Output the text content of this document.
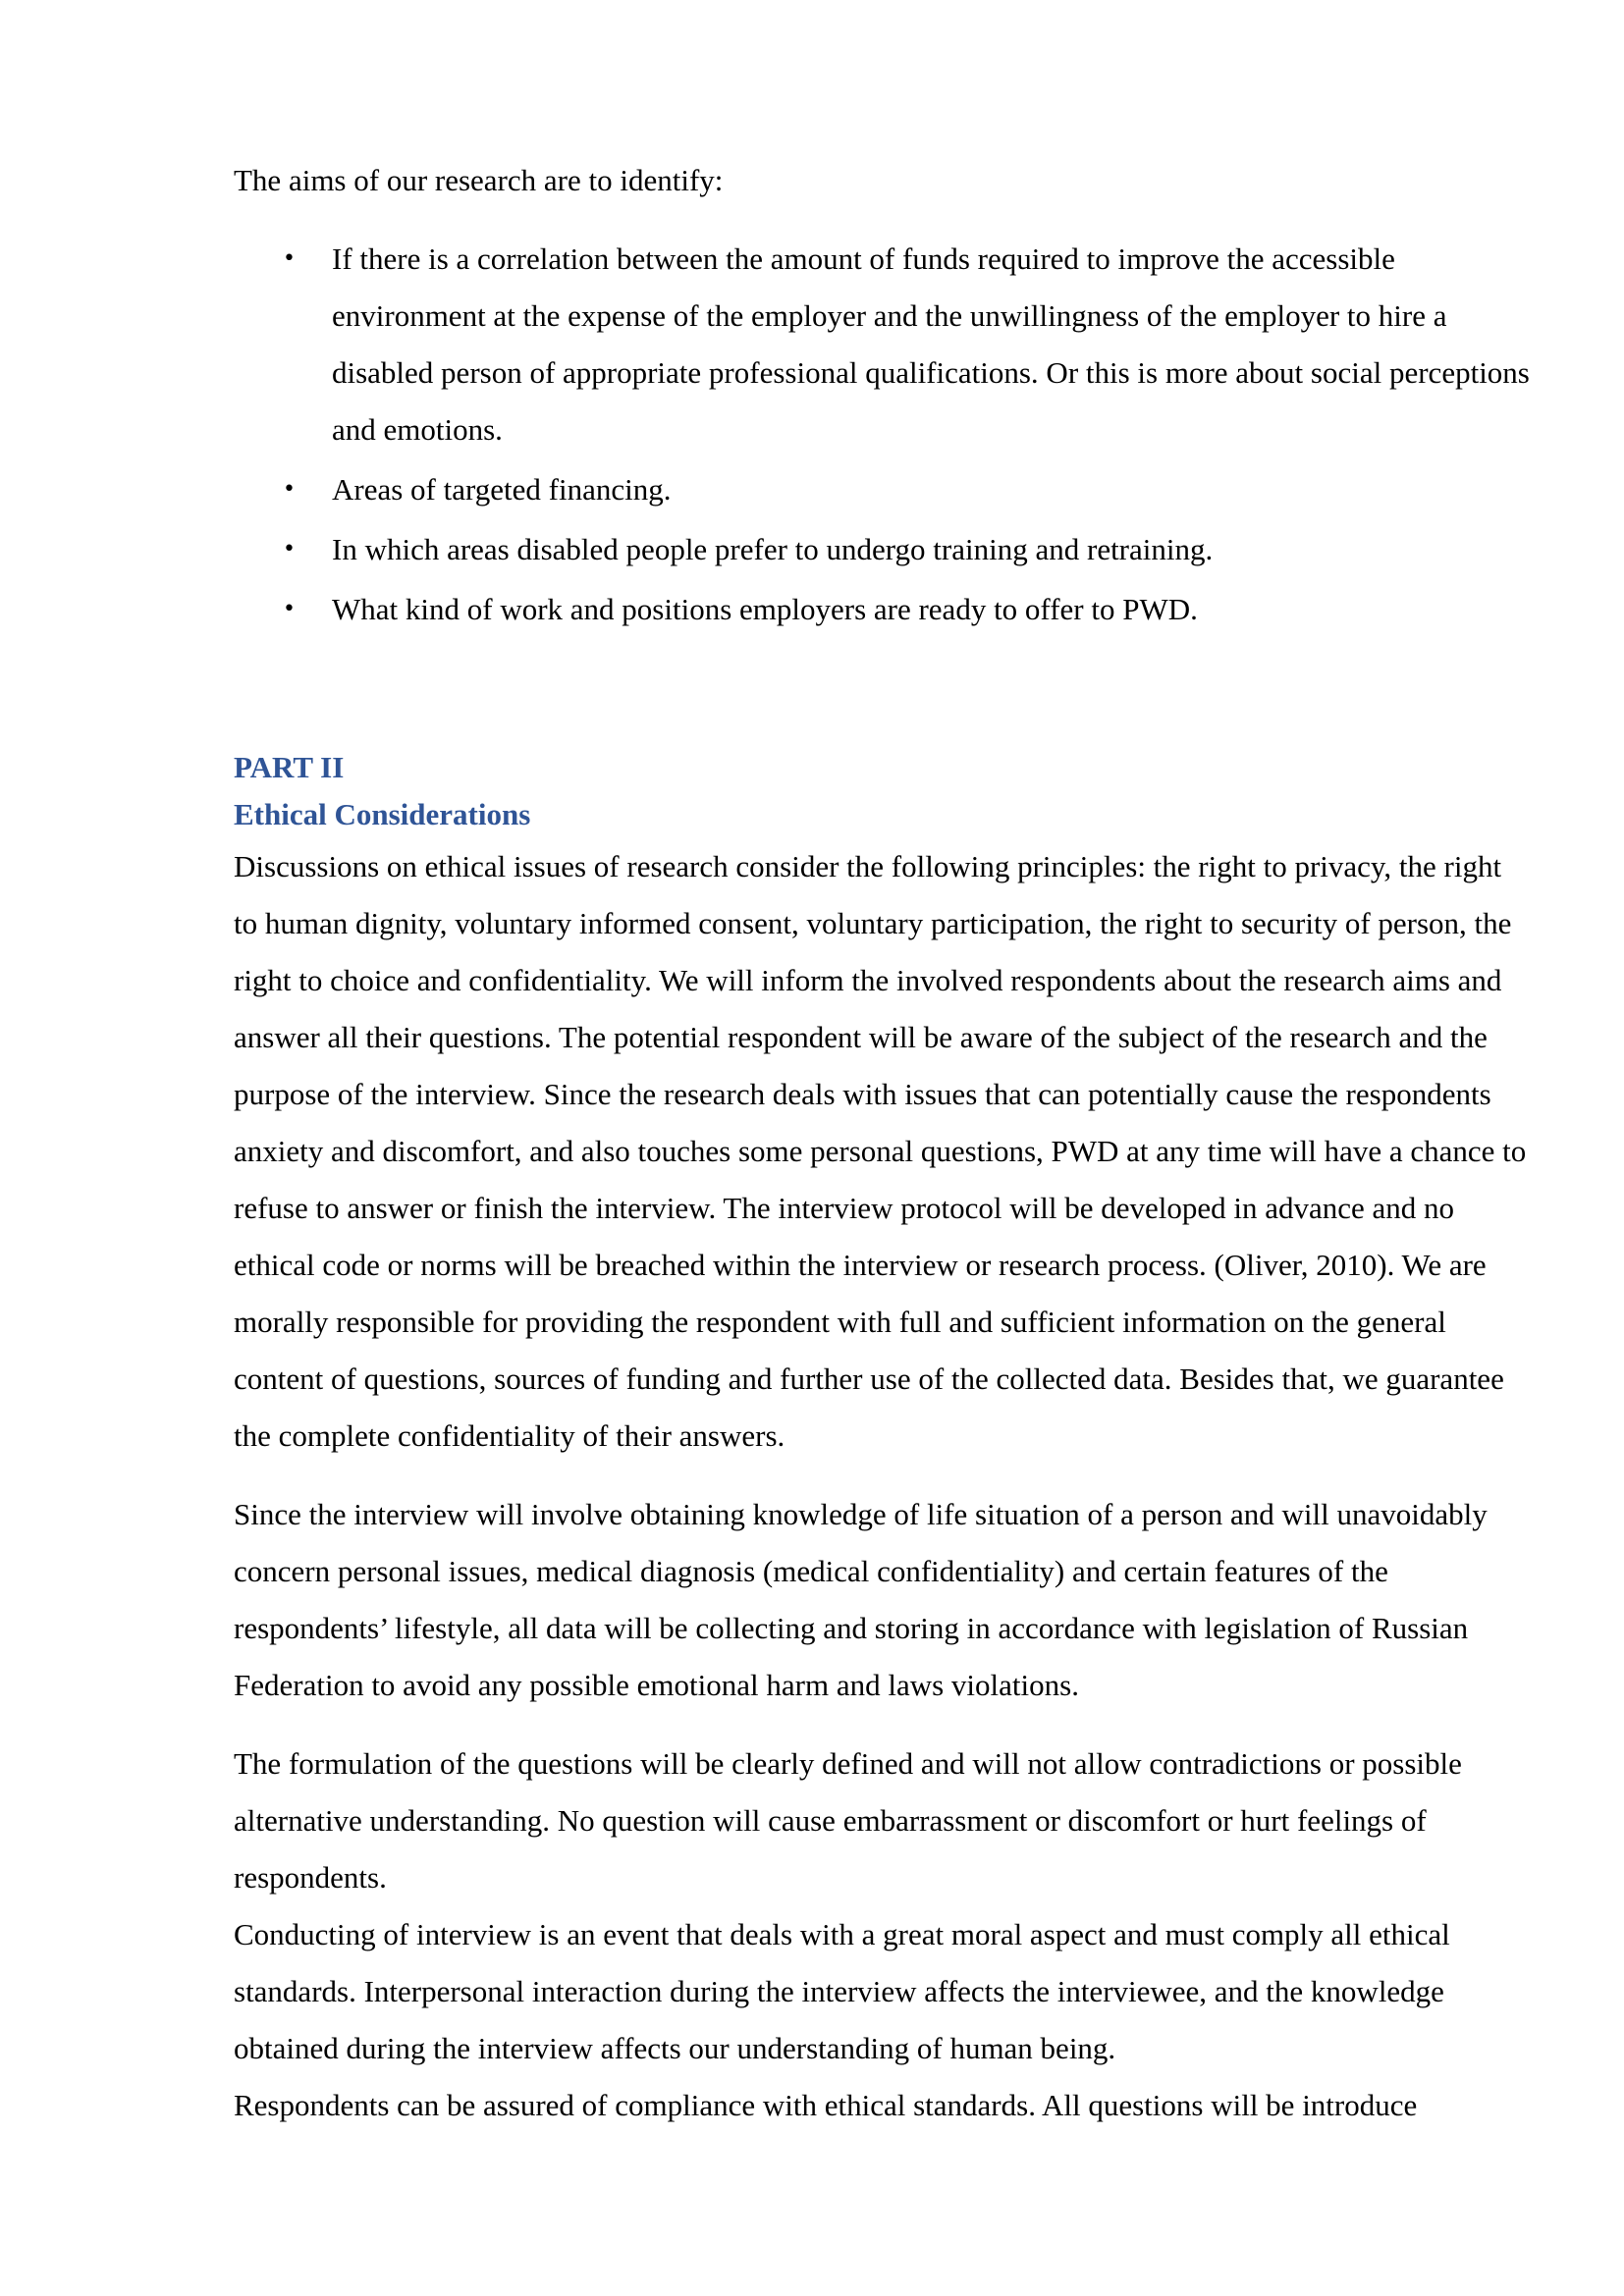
The aims of our research are to identify:

• If there is a correlation between the amount of funds required to improve the accessible environment at the expense of the employer and the unwillingness of the employer to hire a disabled person of appropriate professional qualifications. Or this is more about social perceptions and emotions.
• Areas of targeted financing.
• In which areas disabled people prefer to undergo training and retraining.
• What kind of work and positions employers are ready to offer to PWD.
PART II
Ethical Considerations

Discussions on ethical issues of research consider the following principles: the right to privacy, the right to human dignity, voluntary informed consent, voluntary participation, the right to security of person, the right to choice and confidentiality. We will inform the involved respondents about the research aims and answer all their questions. The potential respondent will be aware of the subject of the research and the purpose of the interview. Since the research deals with issues that can potentially cause the respondents anxiety and discomfort, and also touches some personal questions, PWD at any time will have a chance to refuse to answer or finish the interview. The interview protocol will be developed in advance and no ethical code or norms will be breached within the interview or research process. (Oliver, 2010). We are morally responsible for providing the respondent with full and sufficient information on the general content of questions, sources of funding and further use of the collected data. Besides that, we guarantee the complete confidentiality of their answers.

Since the interview will involve obtaining knowledge of life situation of a person and will unavoidably concern personal issues, medical diagnosis (medical confidentiality) and certain features of the respondents’ lifestyle, all data will be collecting and storing in accordance with legislation of Russian Federation to avoid any possible emotional harm and laws violations.

The formulation of the questions will be clearly defined and will not allow contradictions or possible alternative understanding. No question will cause embarrassment or discomfort or hurt feelings of respondents.

Conducting of interview is an event that deals with a great moral aspect and must comply all ethical standards. Interpersonal interaction during the interview affects the interviewee, and the knowledge obtained during the interview affects our understanding of human being.

Respondents can be assured of compliance with ethical standards. All questions will be introduce
